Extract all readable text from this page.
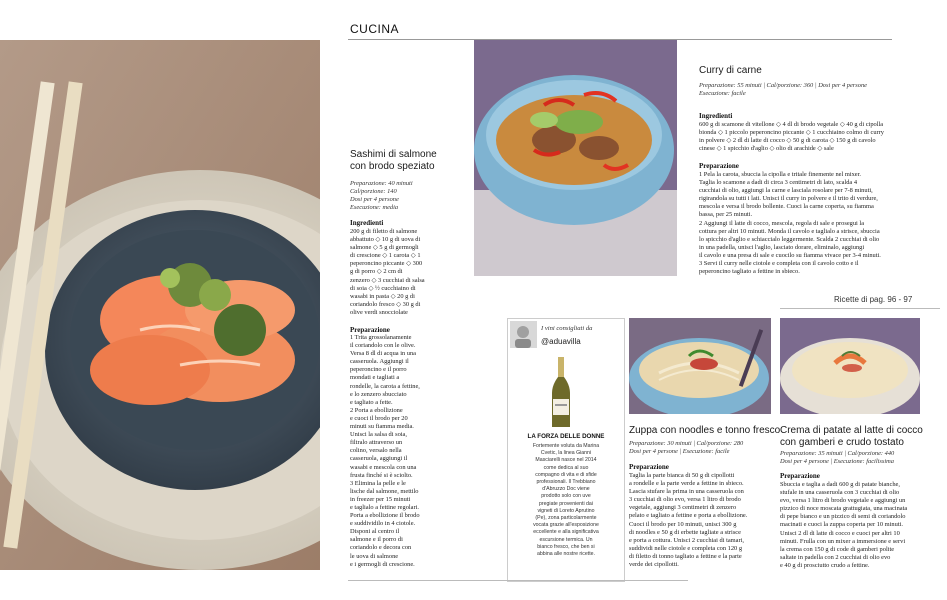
CUCINA
Sashimi di salmone
con brodo speziato
Preparazione: 40 minuti
Cal/porzione: 140
Dosi per 4 persone
Esecuzione: media
Ingredienti
200 g di filetto di salmone
abbattuto ◇ 10 g di uova di
salmone ◇ 5 g di germogli
di crescione ◇ 1 carota ◇ 1
peperoncino piccante ◇ 300
g di porro ◇ 2 cm di
zenzero ◇ 3 cucchiai di salsa
di soia ◇ ½ cucchiaino di
wasabi in pasta ◇ 20 g di
coriandolo fresco ◇ 30 g di
olive verdi snocciolate
Preparazione
1 Trita grossolanamente
il coriandolo con le olive.
Versa 8 dl di acqua in una
casseruola. Aggiungi il
peperoncino e il porro
mondati e tagliati a
rondelle, la carota a fettine,
e lo zenzero sbucciato
e tagliato a fette.
2 Porta a ebollizione
e cuoci il brodo per 20
minuti su fiamma media.
Unisci la salsa di soia,
filtralo attraverso un
colino, versalo nella
casseruola, aggiungi il
wasabi e mescola con una
frusta finché si è sciolto.
3 Elimina la pelle e le
lische dal salmone, mettilo
in freezer per 15 minuti
e taglialo a fettine regolari.
Porta a ebollizione il brodo
e suddividilo in 4 ciotole.
Disponi al centro il
salmone e il porro di
coriandolo e decora con
le uova di salmone
e i germogli di crescione.
Curry di carne
Preparazione: 55 minuti | Cal/porzione: 360 | Dosi per 4 persone
Esecuzione: facile
Ingredienti
600 g di scamone di vitellone ◇ 4 dl di brodo vegetale ◇ 40 g di cipolla
bionda ◇ 1 piccolo peperoncino piccante ◇ 1 cucchiaino colmo di curry
in polvere ◇ 2 dl di latte di cocco ◇ 50 g di carota ◇ 150 g di cavolo
cinese ◇ 1 spicchio d'aglio ◇ olio di arachide ◇ sale
Preparazione
1 Pela la carota, sbuccia la cipolla e tritale finemente nel mixer.
Taglia lo scamone a dadi di circa 3 centimetri di lato, scalda 4
cucchiai di olio, aggiungi la carne e lasciala rosolare per 7-8 minuti,
rigirandola su tutti i lati. Unisci il curry in polvere e il trito di verdure,
mescola e versa il brodo bollente. Cuoci la carne coperta, su fiamma
bassa, per 25 minuti.
2 Aggiungi il latte di cocco, mescola, regola di sale e prosegui la
cottura per altri 10 minuti. Monda il cavolo e taglialo a strisce, sbuccia
lo spicchio d'aglio e schiaccialo leggermente. Scalda 2 cucchiai di olio
in una padella, unisci l'aglio, lasciato dorare, eliminalo, aggiungi
il cavolo e una presa di sale e cuocilo su fiamma vivace per 3-4 minuti.
3 Servi il curry nelle ciotole e completa con il cavolo cotto e il
peperoncino tagliato a fettine in sbieco.
Ricette di pag. 96 - 97
I vini consigliati da
@aduavilla
LA FORZA DELLE DONNE
Fortemente voluta da Marina
Cvetic, la linea Gianni
Masciarelli nasce nel 2014
come dedica al suo
compagno di vita e di sfide
professionali. Il Trebbiano
d'Abruzzo Doc viene
prodotto solo con uve
pregiate provenienti dai
vigneti di Loreto Aprutino
(Pe), zona particolarmente
vocata grazie all'esposizione
eccellente e alla significativa
escursione termica. Un
bianco fresco, che ben si
abbina alle nostre ricette.
Zuppa con noodles e tonno fresco
Preparazione: 30 minuti | Cal/porzione: 280
Dosi per 4 persone | Esecuzione: facile
Preparazione
Taglia la parte bianca di 50 g di cipollotti
a rondelle e la parte verde a fettine in sbieco.
Lascia stufare la prima in una casseruola con
3 cucchiai di olio evo, versa 1 litro di brodo
vegetale, aggiungi 3 centimetri di zenzero
pelato e tagliato a fettine e porta a ebollizione.
Cuoci il brodo per 10 minuti, unisci 300 g
di noodles e 50 g di erbette tagliate a strisce
e porta a cottura. Unisci 2 cucchiai di tamari,
suddividi nelle ciotole e completa con 120 g
di filetto di tonno tagliato a fettine e la parte
verde dei cipollotti.
Crema di patate al latte di cocco
con gamberi e crudo tostato
Preparazione: 35 minuti | Cal/porzione: 440
Dosi per 4 persone | Esecuzione: facilissima
Preparazione
Sbuccia e taglia a dadi 600 g di patate bianche,
stufale in una casseruola con 3 cucchiai di olio
evo, versa 1 litro di brodo vegetale e aggiungi un
pizzico di noce moscata grattugiata, una macinata
di pepe bianco e un pizzico di semi di coriandolo
macinati e cuoci la zuppa coperta per 10 minuti.
Unisci 2 dl di latte di cocco e cuoci per altri 10
minuti. Frulla con un mixer a immersione e servi
la crema con 150 g di code di gamberi polite
saltate in padella con 2 cucchiai di olio evo
e 40 g di prosciutto crudo a fettine.
